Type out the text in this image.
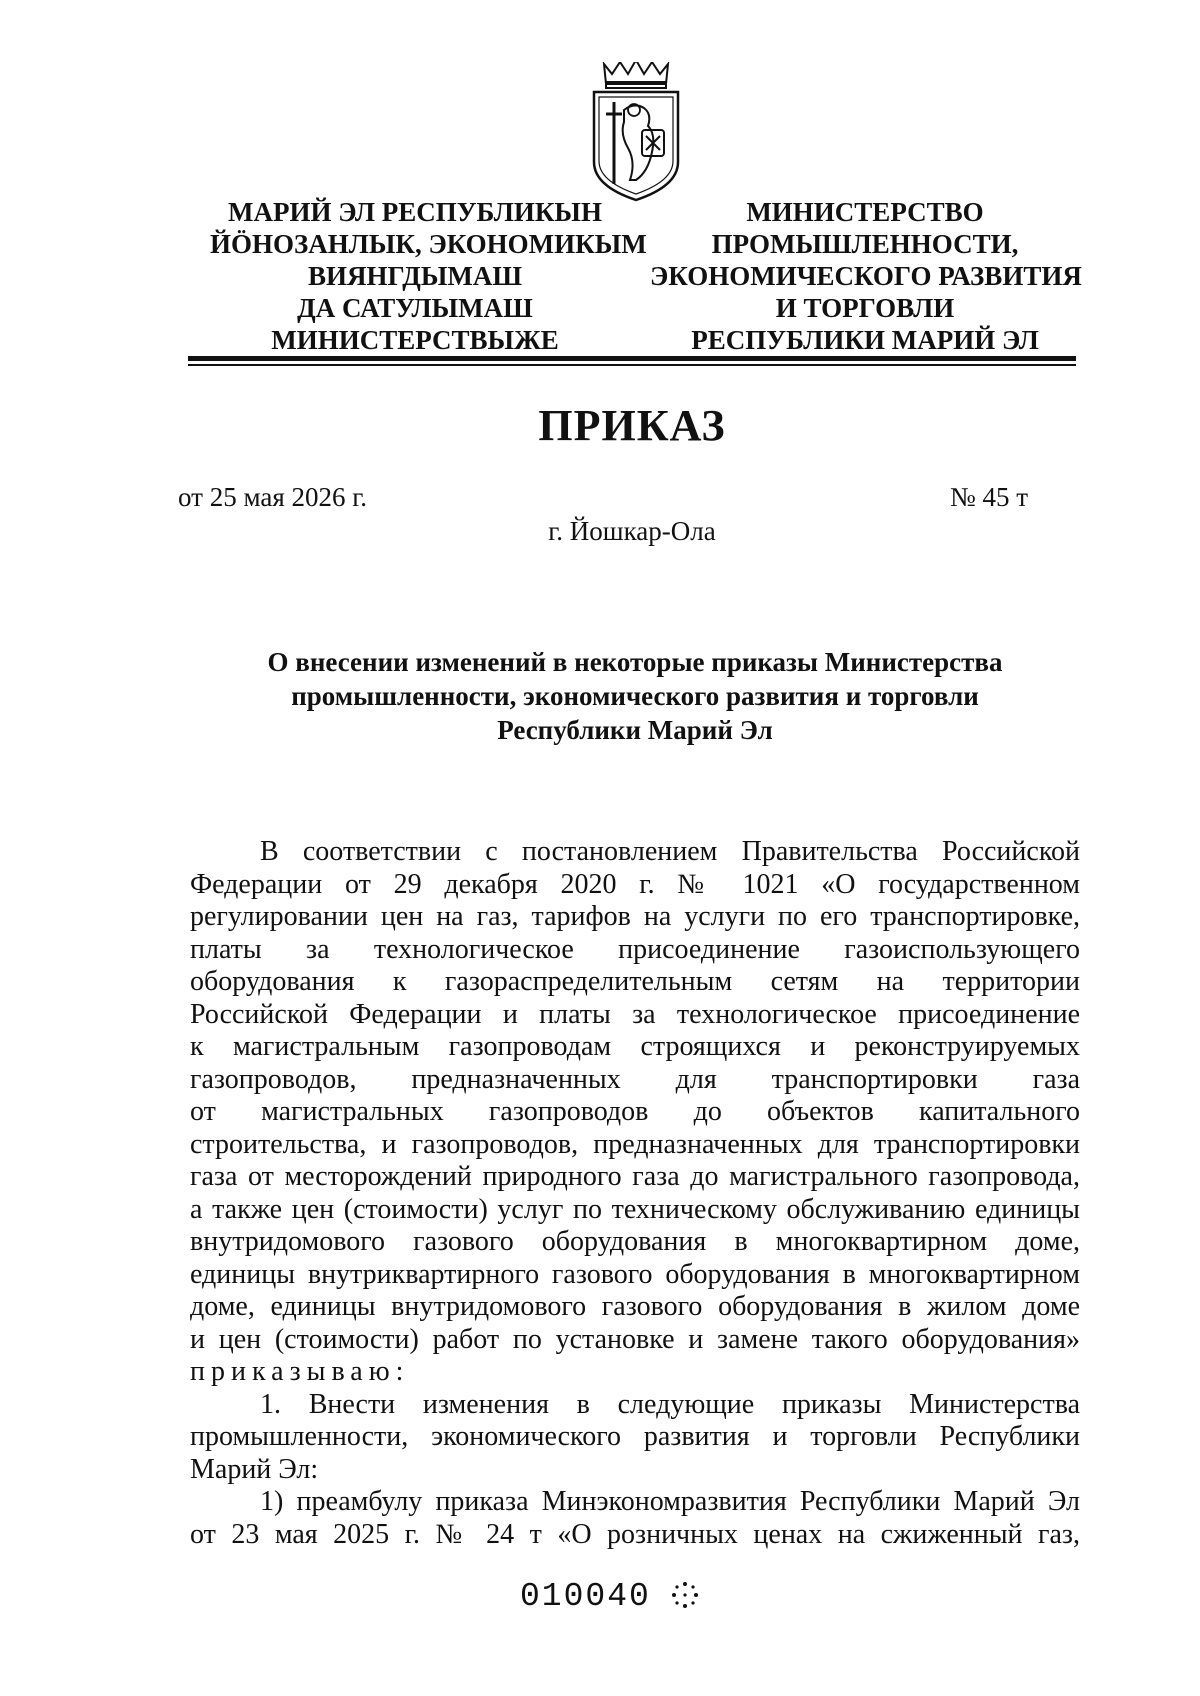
МАРИЙ ЭЛ РЕСПУБЛИКЫН
ЙÖНОЗАНЛЫК, ЭКОНОМИКЫМ
ВИЯНГДЫМАШ
ДА САТУЛЫМАШ
МИНИСТЕРСТВЫЖЕ
МИНИСТЕРСТВО
ПРОМЫШЛЕННОСТИ,
ЭКОНОМИЧЕСКОГО РАЗВИТИЯ
И ТОРГОВЛИ
РЕСПУБЛИКИ МАРИЙ ЭЛ
ПРИКАЗ
от 25 мая 2026 г.	№ 45 т
г. Йошкар-Ола
О внесении изменений в некоторые приказы Министерства
промышленности, экономического развития и торговли
Республики Марий Эл
В соответствии с постановлением Правительства Российской
Федерации от 29 декабря 2020 г. № 1021 «О государственном
регулировании цен на газ, тарифов на услуги по его транспортировке,
платы за технологическое присоединение газоиспользующего
оборудования к газораспределительным сетям на территории
Российской Федерации и платы за технологическое присоединение
к магистральным газопроводам строящихся и реконструируемых
газопроводов, предназначенных для транспортировки газа
от магистральных газопроводов до объектов капитального
строительства, и газопроводов, предназначенных для транспортировки
газа от месторождений природного газа до магистрального газопровода,
а также цен (стоимости) услуг по техническому обслуживанию единицы
внутридомового газового оборудования в многоквартирном доме,
единицы внутриквартирного газового оборудования в многоквартирном
доме, единицы внутридомового газового оборудования в жилом доме
и цен (стоимости) работ по установке и замене такого оборудования»
приказываю:
1. Внести изменения в следующие приказы Министерства
промышленности, экономического развития и торговли Республики
Марий Эл:
1) преамбулу приказа Минэкономразвития Республики Марий Эл
от 23 мая 2025 г. № 24 т «О розничных ценах на сжиженный газ,
010040
